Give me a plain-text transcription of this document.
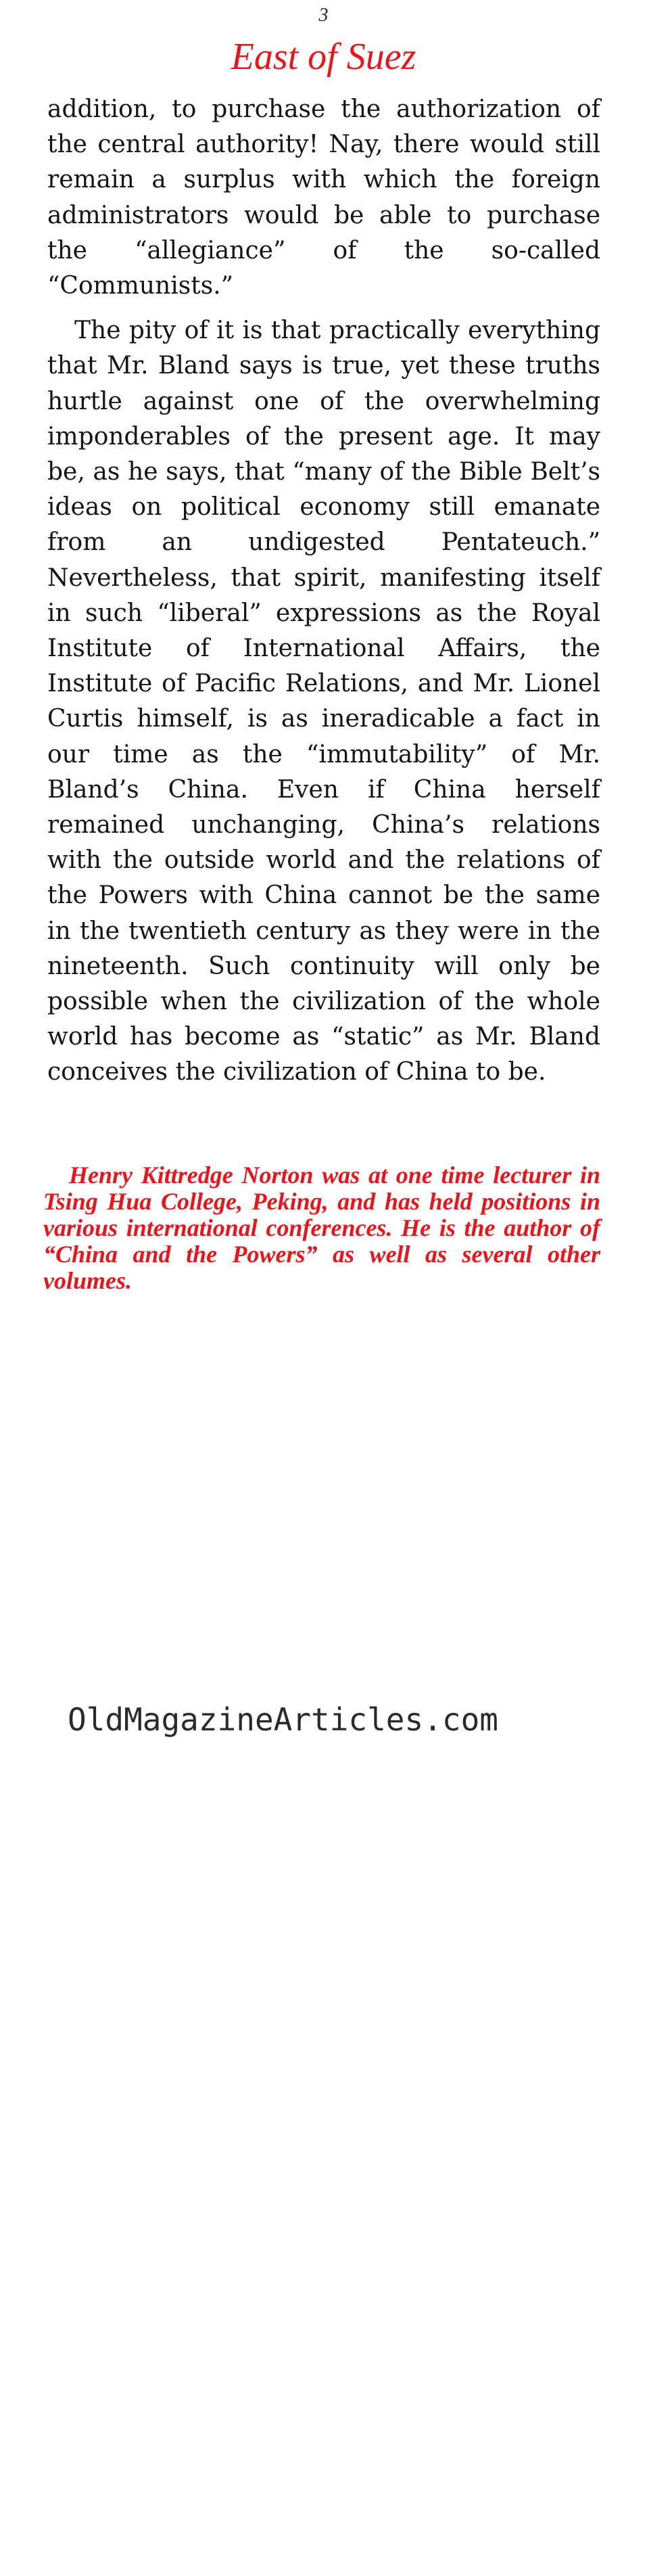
3
East of Suez

addition, to purchase the authorization of the central authority! Nay, there would still remain a surplus with which the foreign administrators would be able to purchase the “allegiance” of the so-called “Communists.”

The pity of it is that practically everything that Mr. Bland says is true, yet these truths hurtle against one of the overwhelming imponderables of the present age. It may be, as he says, that “many of the Bible Belt’s ideas on political economy still emanate from an undigested Pentateuch.” Nevertheless, that spirit, manifesting itself in such “liberal” expressions as the Royal Institute of International Affairs, the Institute of Pacific Relations, and Mr. Lionel Curtis himself, is as ineradicable a fact in our time as the “immutability” of Mr. Bland’s China. Even if China herself remained unchanging, China’s relations with the outside world and the relations of the Powers with China cannot be the same in the twentieth century as they were in the nineteenth. Such continuity will only be possible when the civilization of the whole world has become as “static” as Mr. Bland conceives the civilization of China to be.

Henry Kittredge Norton was at one time lecturer in Tsing Hua College, Peking, and has held positions in various international conferences. He is the author of “China and the Powers” as well as several other volumes.

OldMagazineArticles.com
